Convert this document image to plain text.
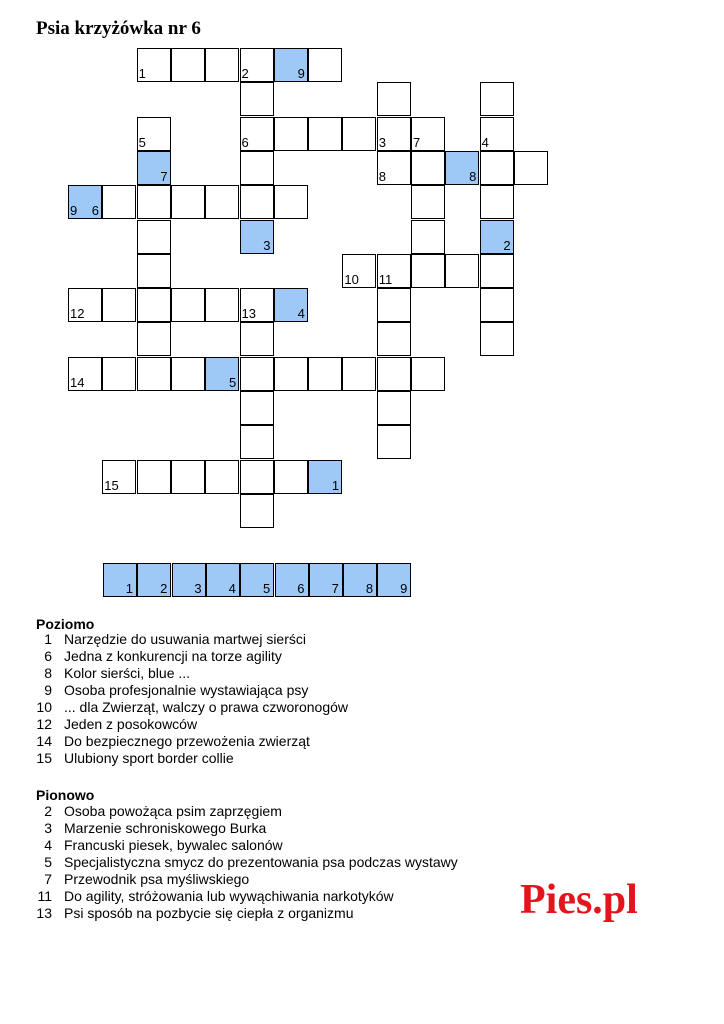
Psia krzyżówka nr 6
1	2	9
5	6	3 7	4
7	8	8
9 6
3	2
10 11
12	13	4
14	5
15	1
1 2 3 4 5 6 7 8 9
Poziomo
1 Narzędzie do usuwania martwej sierści
6 Jedna z konkurencji na torze agility
8 Kolor sierści, blue ...
9 Osoba profesjonalnie wystawiająca psy
10 ... dla Zwierząt, walczy o prawa czworonogów
12 Jeden z posokowców
14 Do bezpiecznego przewożenia zwierząt
15 Ulubiony sport border collie
Pionowo
2 Osoba powożąca psim zaprzęgiem
3 Marzenie schroniskowego Burka
4 Francuski piesek, bywalec salonów
5 Specjalistyczna smycz do prezentowania psa podczas wystawy
7 Przewodnik psa myśliwskiego
11 Do agility, stróżowania lub wywąchiwania narkotyków
13 Psi sposób na pozbycie się ciepła z organizmu	Pies.pl
